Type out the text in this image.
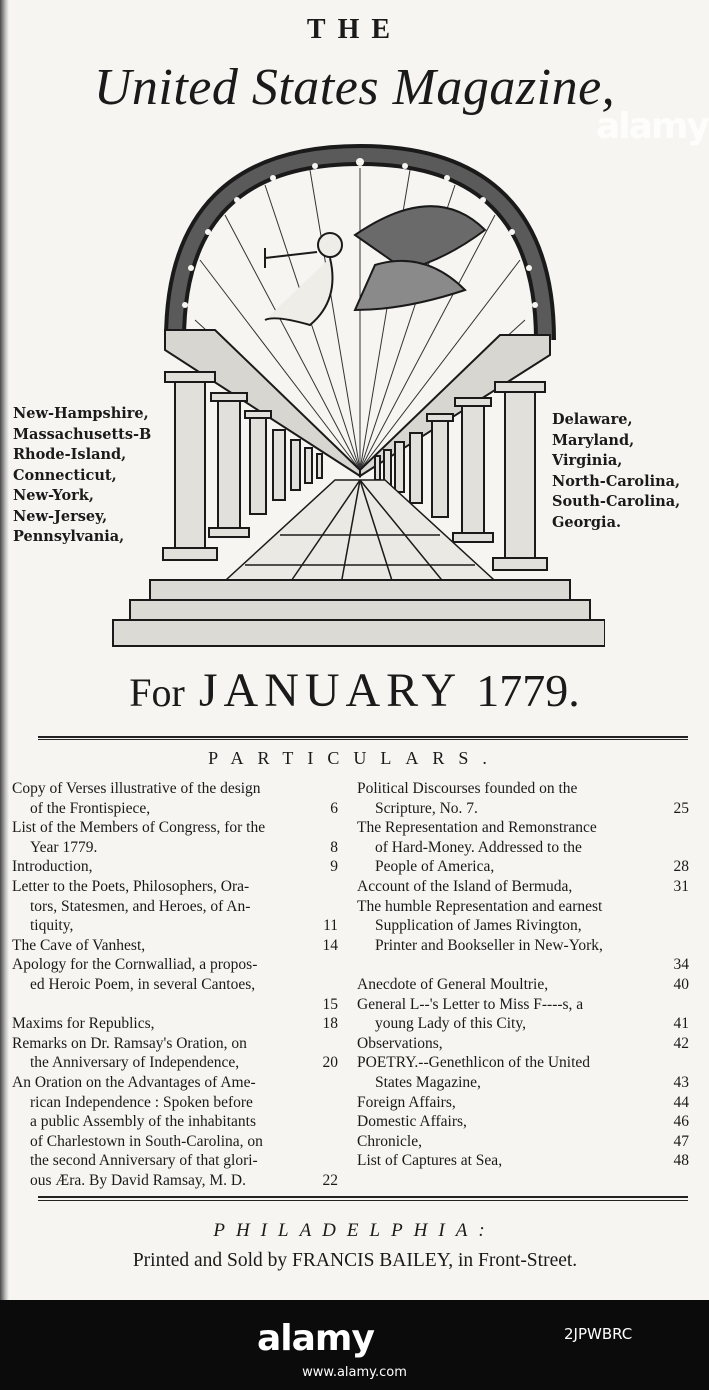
THE
United States Magazine,
alamy
New-Hampshire,
Massachusetts-B
Rhode-Island,
Connecticut,
New-York,
New-Jersey,
Pennsylvania,
Delaware,
Maryland,
Virginia,
North-Carolina,
South-Carolina,
Georgia.
For JANUARY 1779.
PARTICULARS.
Copy of Verses illustrative of the design
of the Frontispiece,	6
List of the Members of Congress, for the
Year 1779.	8
Introduction,	9
Letter to the Poets, Philosophers, Ora-
tors, Statesmen, and Heroes, of An-
tiquity,	11
The Cave of Vanhest,	14
Apology for the Cornwalliad, a propos-
ed Heroic Poem, in several Cantoes,
15
Maxims for Republics,	18
Remarks on Dr. Ramsay's Oration, on
the Anniversary of Independence,	20
An Oration on the Advantages of Ame-
rican Independence : Spoken before
a public Assembly of the inhabitants
of Charlestown in South-Carolina, on
the second Anniversary of that glori-
ous Æra. By David Ramsay, M. D.	22
Political Discourses founded on the
Scripture, No. 7.	25
The Representation and Remonstrance
of Hard-Money. Addressed to the
People of America,	28
Account of the Island of Bermuda,	31
The humble Representation and earnest
Supplication of James Rivington,
Printer and Bookseller in New-York,
34
Anecdote of General Moultrie,	40
General L--'s Letter to Miss F----s, a
young Lady of this City,	41
Observations,	42
POETRY.--Genethlicon of the United
States Magazine,	43
Foreign Affairs,	44
Domestic Affairs,	46
Chronicle,	47
List of Captures at Sea,	48
PHILADELPHIA:
Printed and Sold by FRANCIS BAILEY, in Front-Street.
alamy	2JPWBRC
www.alamy.com
